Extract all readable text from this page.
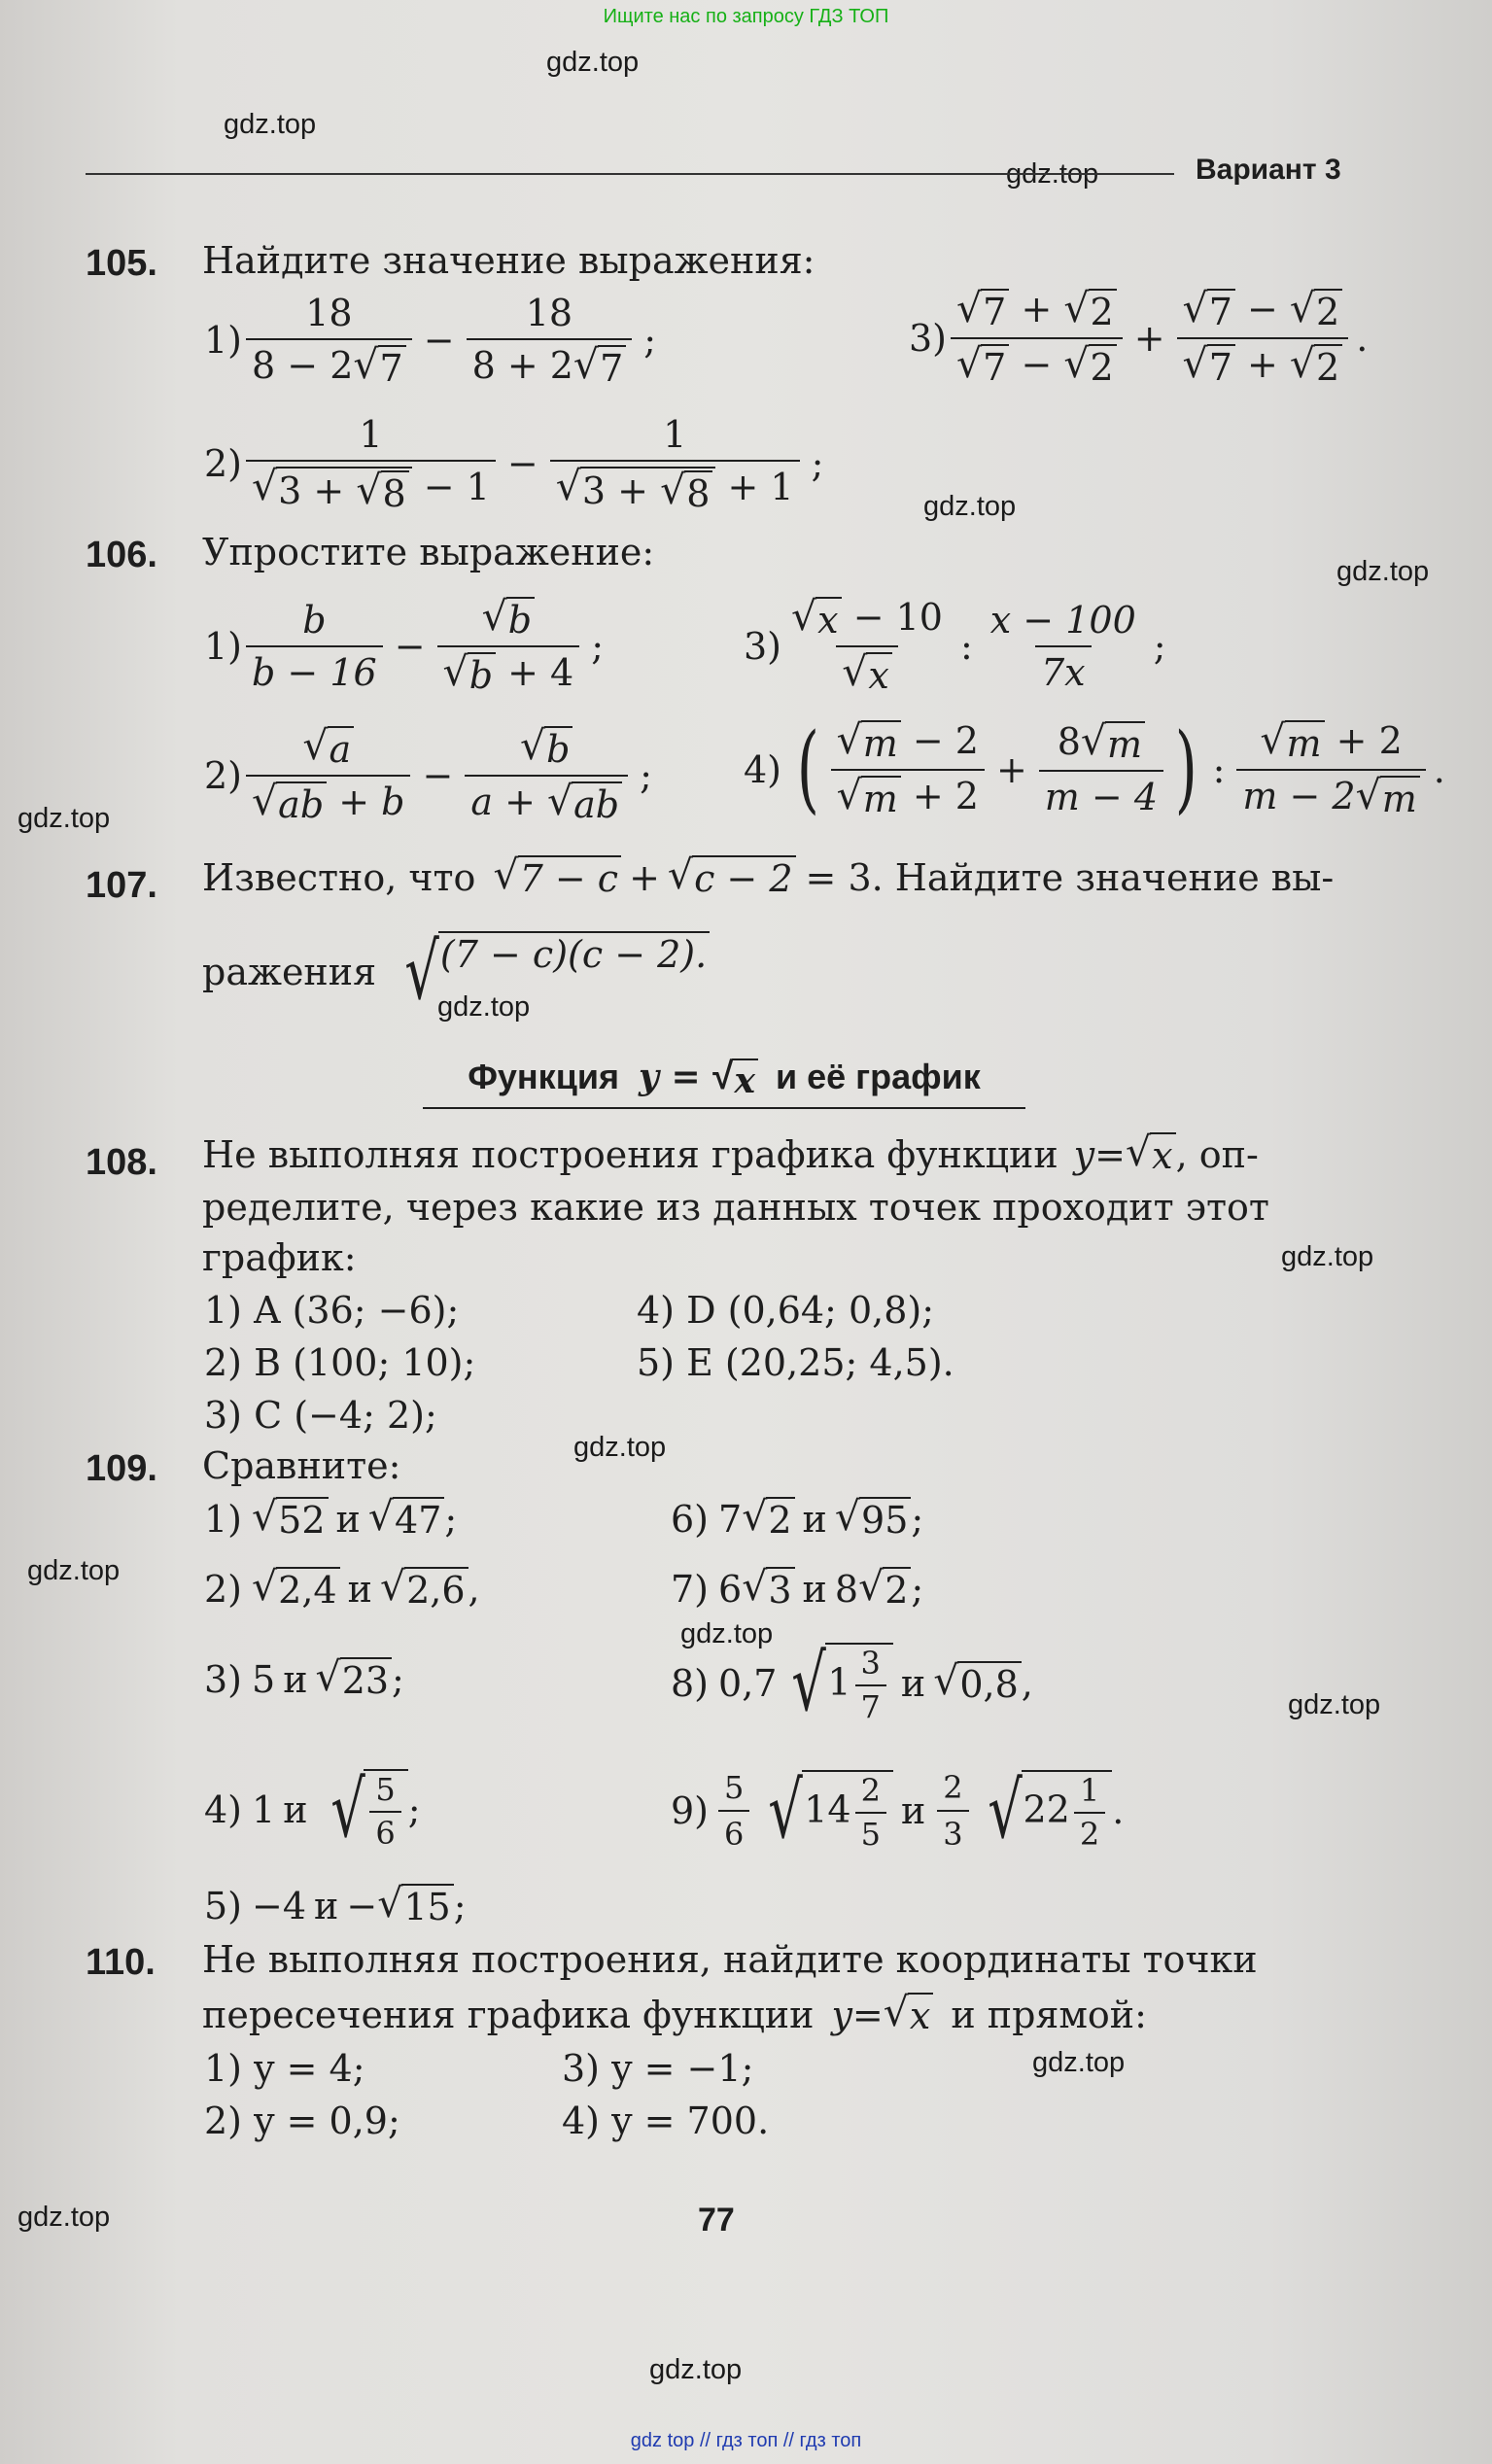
Ищите нас по запросу ГДЗ ТОП
gdz.top
gdz.top
gdz.top
gdz.top
gdz.top
gdz.top
gdz.top
gdz.top
gdz.top
gdz.top
gdz.top
gdz.top
gdz.top
gdz.top
gdz.top
Вариант 3
105. Найдите значение выражения:
$1) \frac{18}{8 - 2 √ 7} - \frac{18}{8 + 2 √ 7}$ ;	$3) \frac{√ 7 + √ 2}{√ 7 - √ 2} + \frac{√ 7 - √ 2}{√ 7 + √ 2}$ .
$2) \frac{1}{√ 3 + √ 8 - 1} - \frac{1}{√ 3 + √ 8 + 1}$ ;
106. Упростите выражение:
$1) \frac{b}{b - 16} - \frac{√ b}{√ b + 4}$ ;	$3) \frac{√ x - 10}{√ x}$ : $\frac{x - 100}{7x}$ ;
$2) \frac{√ a}{√ ab + b} - \frac{√ b}{a + √ ab}$ ; 4) ( $\frac{√ m - 2}{√ m + 2} + \frac{8 √ m}{m - 4}$ ) : $\frac{√ m + 2}{m - 2 √ m}$ .
107. Известно, что √ 7 − c + √ c − 2 = 3. Найдите значение вы-
ражения √ (7 − c)(c − 2).
Функция y = √ x и её график
108. Не выполняя построения графика функции y = √ x , оп-
ределите, через какие из данных точек проходит этот
график:
1) A (36; −6);
2) B (100; 10);
3) C (−4; 2);
4) D (0,64; 0,8);
5) E (20,25; 4,5).
109. Сравните:
1) √ 52 и √ 47 ;
2) √ 2,4 и √ 2,6 ,
3) 5 и √ 23 ;
4) 1 и √ $\frac{5}{6}$ ;
5) −4 и − √ 15 ;
6) 7 √ 2 и √ 95 ;
7) 6 √ 3 и 8 √ 2 ;
8) 0,7 √ $1 \frac{3}{7}$ и √ 0,8 ,
$9) \frac{5}{6}$ √ $14 \frac{2}{5}$ и $\frac{2}{3}$ √ $22 \frac{1}{2}$ .
110. Не выполняя построения, найдите координаты точки
пересечения графика функции y = √ x и прямой:
1) y = 4;
2) y = 0,9;
3) y = −1;
4) y = 700.
77
gdz top // гдз топ // гдз топ
